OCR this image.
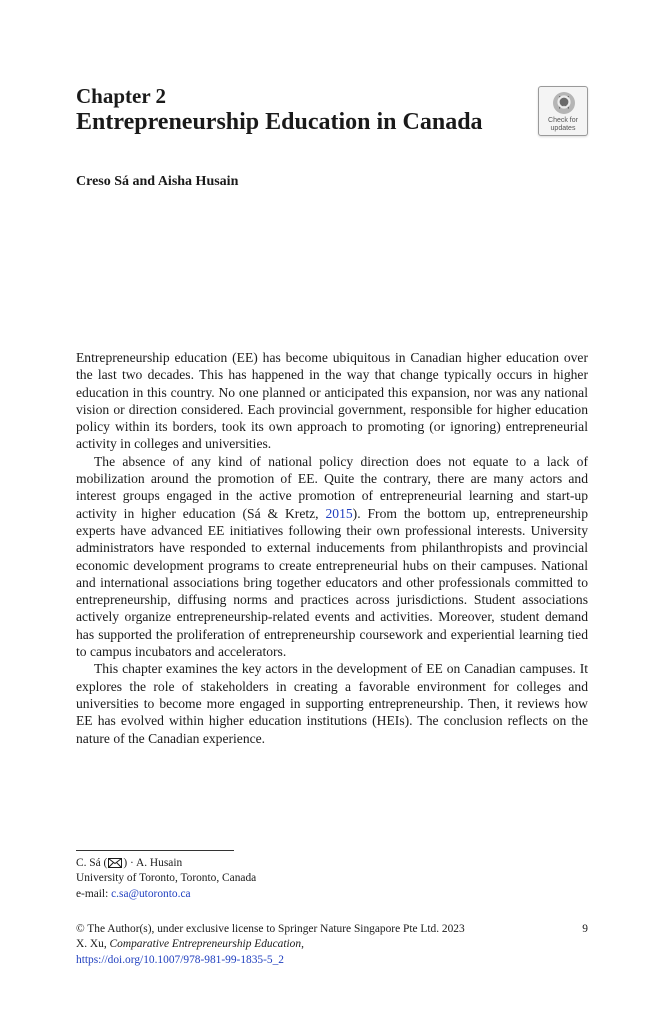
Chapter 2
Entrepreneurship Education in Canada	Check for
updates
Creso Sá and Aisha Husain

Entrepreneurship education (EE) has become ubiquitous in Canadian higher education over the last two decades. This has happened in the way that change typically occurs in higher education in this country. No one planned or anticipated this expansion, nor was any national vision or direction considered. Each provincial government, responsible for higher education policy within its borders, took its own approach to promoting (or ignoring) entrepreneurial activity in colleges and universities.

The absence of any kind of national policy direction does not equate to a lack of mobilization around the promotion of EE. Quite the contrary, there are many actors and interest groups engaged in the active promotion of entrepreneurial learning and start-up activity in higher education (Sá & Kretz, 2015). From the bottom up, entrepreneurship experts have advanced EE initiatives following their own professional interests. University administrators have responded to external inducements from philanthropists and provincial economic development programs to create entrepreneurial hubs on their campuses. National and international associations bring together educators and other professionals committed to entrepreneurship, diffusing norms and practices across jurisdictions. Student associations actively organize entrepreneurship-related events and activities. Moreover, student demand has supported the proliferation of entrepreneurship coursework and experiential learning tied to campus incubators and accelerators.

This chapter examines the key actors in the development of EE on Canadian campuses. It explores the role of stakeholders in creating a favorable environment for colleges and universities to become more engaged in supporting entrepreneurship. Then, it reviews how EE has evolved within higher education institutions (HEIs). The conclusion reflects on the nature of the Canadian experience.

C. Sá ( ) · A. Husain
University of Toronto, Toronto, Canada
e-mail: c.sa@utoronto.ca
© The Author(s), under exclusive license to Springer Nature Singapore Pte Ltd. 2023
X. Xu, Comparative Entrepreneurship Education,
https://doi.org/10.1007/978-981-99-1835-5_2
9
